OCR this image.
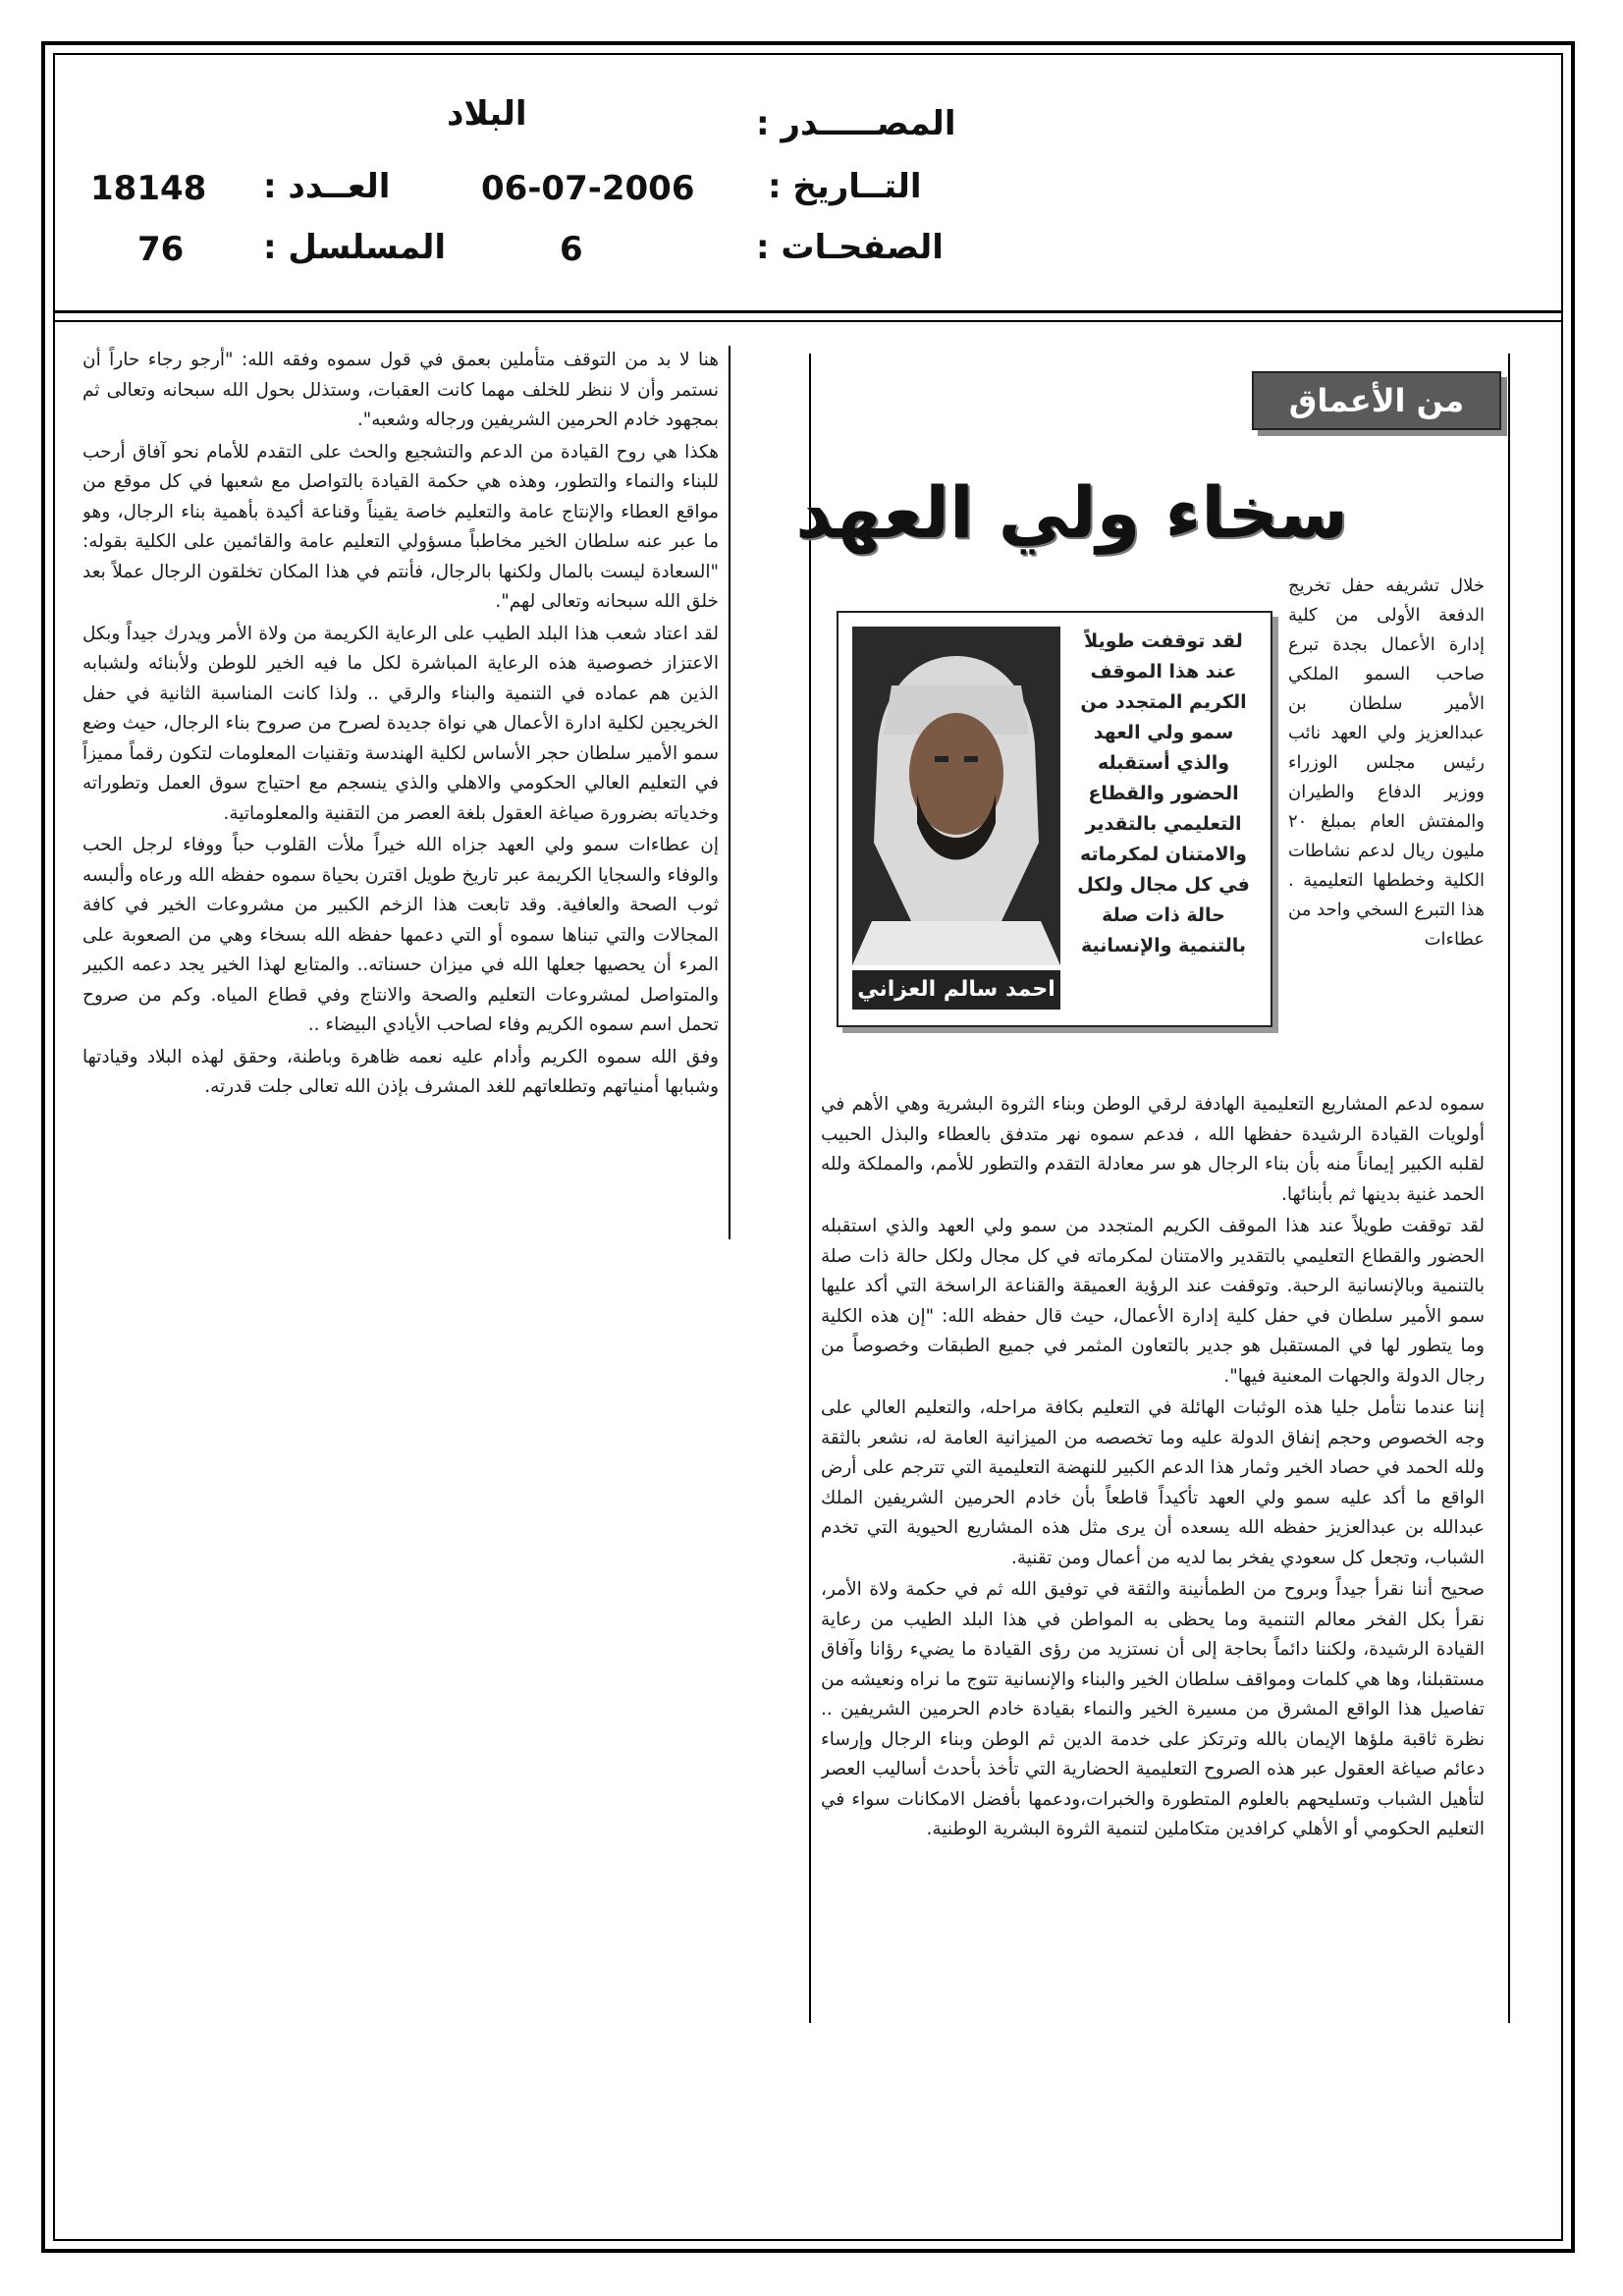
المصـــــدر :
البلاد
التــاريخ :
06-07-2006
العــدد :
18148
الصفحـات :
6
المسلسل :
76

هنا لا بد من التوقف متأملين بعمق في قول سموه وفقه الله: "أرجو رجاء حاراً أن نستمر وأن لا ننظر للخلف مهما كانت العقبات، وستذلل بحول الله سبحانه وتعالى ثم بمجهود خادم الحرمين الشريفين ورجاله وشعبه".

هكذا هي روح القيادة من الدعم والتشجيع والحث على التقدم للأمام نحو آفاق أرحب للبناء والنماء والتطور، وهذه هي حكمة القيادة بالتواصل مع شعبها في كل موقع من مواقع العطاء والإنتاج عامة والتعليم خاصة يقيناً وقناعة أكيدة بأهمية بناء الرجال، وهو ما عبر عنه سلطان الخير مخاطباً مسؤولي التعليم عامة والقائمين على الكلية بقوله: "السعادة ليست بالمال ولكنها بالرجال، فأنتم في هذا المكان تخلقون الرجال عملاً بعد خلق الله سبحانه وتعالى لهم".

لقد اعتاد شعب هذا البلد الطيب على الرعاية الكريمة من ولاة الأمر ويدرك جيداً وبكل الاعتزاز خصوصية هذه الرعاية المباشرة لكل ما فيه الخير للوطن ولأبنائه ولشبابه الذين هم عماده في التنمية والبناء والرقي .. ولذا كانت المناسبة الثانية في حفل الخريجين لكلية ادارة الأعمال هي نواة جديدة لصرح من صروح بناء الرجال، حيث وضع سمو الأمير سلطان حجر الأساس لكلية الهندسة وتقنيات المعلومات لتكون رقماً مميزاً في التعليم العالي الحكومي والاهلي والذي ينسجم مع احتياج سوق العمل وتطوراته وخدياته بضرورة صياغة العقول بلغة العصر من التقنية والمعلوماتية.

إن عطاءات سمو ولي العهد جزاه الله خيراً ملأت القلوب حباً ووفاء لرجل الحب والوفاء والسجايا الكريمة عبر تاريخ طويل اقترن بحياة سموه حفظه الله ورعاه وألبسه ثوب الصحة والعافية. وقد تابعت هذا الزخم الكبير من مشروعات الخير في كافة المجالات والتي تبناها سموه أو التي دعمها حفظه الله بسخاء وهي من الصعوبة على المرء أن يحصيها جعلها الله في ميزان حسناته.. والمتابع لهذا الخير يجد دعمه الكبير والمتواصل لمشروعات التعليم والصحة والانتاج وفي قطاع المياه. وكم من صروح تحمل اسم سموه الكريم وفاء لصاحب الأيادي البيضاء ..

وفق الله سموه الكريم وأدام عليه نعمه ظاهرة وباطنة، وحقق لهذه البلاد وقيادتها وشبابها أمنياتهم وتطلعاتهم للغد المشرف بإذن الله تعالى جلت قدرته.

من الأعماق
سخاء ولي العهد
احمد سالم العزاني
لقد توقفت طويلاً عند هذا الموقف الكريم المتجدد من سمو ولي العهد والذي أستقبله الحضور والقطاع التعليمي بالتقدير والامتنان لمكرماته في كل مجال ولكل حالة ذات صلة بالتنمية والإنسانية
خلال تشريفه حفل تخريج الدفعة الأولى من كلية إدارة الأعمال بجدة تبرع صاحب السمو الملكي الأمير سلطان بن عبدالعزيز ولي العهد نائب رئيس مجلس الوزراء ووزير الدفاع والطيران والمفتش العام بمبلغ ٢٠ مليون ريال لدعم نشاطات الكلية وخططها التعليمية . هذا التبرع السخي واحد من عطاءات

سموه لدعم المشاريع التعليمية الهادفة لرقي الوطن وبناء الثروة البشرية وهي الأهم في أولويات القيادة الرشيدة حفظها الله ، فدعم سموه نهر متدفق بالعطاء والبذل الحبيب لقلبه الكبير إيماناً منه بأن بناء الرجال هو سر معادلة التقدم والتطور للأمم، والمملكة ولله الحمد غنية بدينها ثم بأبنائها.

لقد توقفت طويلاً عند هذا الموقف الكريم المتجدد من سمو ولي العهد والذي استقبله الحضور والقطاع التعليمي بالتقدير والامتنان لمكرماته في كل مجال ولكل حالة ذات صلة بالتنمية وبالإنسانية الرحبة. وتوقفت عند الرؤية العميقة والقناعة الراسخة التي أكد عليها سمو الأمير سلطان في حفل كلية إدارة الأعمال، حيث قال حفظه الله: "إن هذه الكلية وما يتطور لها في المستقبل هو جدير بالتعاون المثمر في جميع الطبقات وخصوصاً من رجال الدولة والجهات المعنية فيها".

إننا عندما نتأمل جليا هذه الوثبات الهائلة في التعليم بكافة مراحله، والتعليم العالي على وجه الخصوص وحجم إنفاق الدولة عليه وما تخصصه من الميزانية العامة له، نشعر بالثقة ولله الحمد في حصاد الخير وثمار هذا الدعم الكبير للنهضة التعليمية التي تترجم على أرض الواقع ما أكد عليه سمو ولي العهد تأكيداً قاطعاً بأن خادم الحرمين الشريفين الملك عبدالله بن عبدالعزيز حفظه الله يسعده أن يرى مثل هذه المشاريع الحيوية التي تخدم الشباب، وتجعل كل سعودي يفخر بما لديه من أعمال ومن تقنية.

صحيح أننا نقرأ جيداً وبروح من الطمأنينة والثقة في توفيق الله ثم في حكمة ولاة الأمر، نقرأ بكل الفخر معالم التنمية وما يحظى به المواطن في هذا البلد الطيب من رعاية القيادة الرشيدة، ولكننا دائماً بحاجة إلى أن نستزيد من رؤى القيادة ما يضيء رؤانا وآفاق مستقبلنا، وها هي كلمات ومواقف سلطان الخير والبناء والإنسانية تتوج ما نراه ونعيشه من تفاصيل هذا الواقع المشرق من مسيرة الخير والنماء بقيادة خادم الحرمين الشريفين .. نظرة ثاقبة ملؤها الإيمان بالله وترتكز على خدمة الدين ثم الوطن وبناء الرجال وإرساء دعائم صياغة العقول عبر هذه الصروح التعليمية الحضارية التي تأخذ بأحدث أساليب العصر لتأهيل الشباب وتسليحهم بالعلوم المتطورة والخبرات،ودعمها بأفضل الامكانات سواء في التعليم الحكومي أو الأهلي كرافدين متكاملين لتنمية الثروة البشرية الوطنية.
